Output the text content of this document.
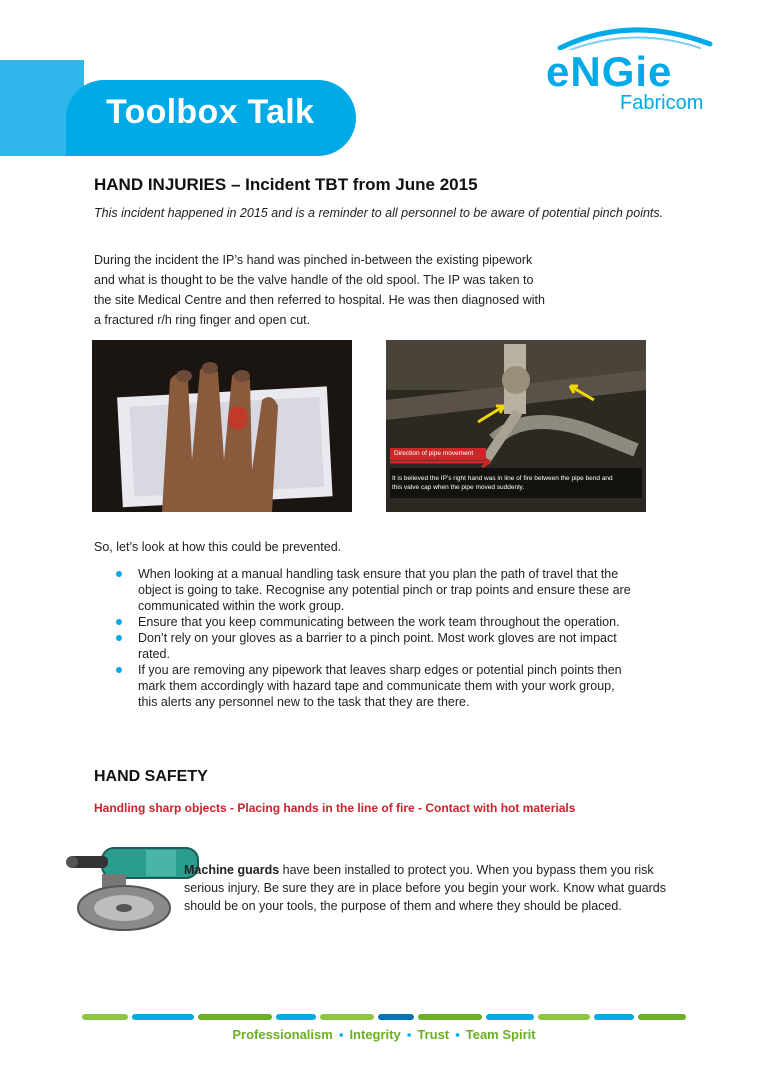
Toolbox Talk
eNGie
Fabricom
HAND INJURIES – Incident TBT from June 2015
This incident happened in 2015 and is a reminder to all personnel to be aware of potential pinch points.
During the incident the IP’s hand was pinched in-between the existing pipework
and what is thought to be the valve handle of the old spool. The IP was taken to
the site Medical Centre and then referred to hospital. He was then diagnosed with
a fractured r/h ring finger and open cut.
Direction of pipe movement
It is believed the IP’s right hand was in line of fire between the pipe bend and this valve cap when the pipe moved suddenly.
So, let’s look at how this could be prevented.
When looking at a manual handling task ensure that you plan the path of travel that the object is going to take. Recognise any potential pinch or trap points and ensure these are communicated within the work group.
Ensure that you keep communicating between the work team throughout the operation.
Don’t rely on your gloves as a barrier to a pinch point. Most work gloves are not impact rated.
If you are removing any pipework that leaves sharp edges or potential pinch points then mark them accordingly with hazard tape and communicate them with your work group, this alerts any personnel new to the task that they are there.
HAND SAFETY
Handling sharp objects - Placing hands in the line of fire - Contact with hot materials
Machine guards have been installed to protect you. When you bypass them you risk serious injury. Be sure they are in place before you begin your work. Know what guards should be on your tools, the purpose of them and where they should be placed.
Professionalism ▪ Integrity ▪ Trust ▪ Team Spirit
